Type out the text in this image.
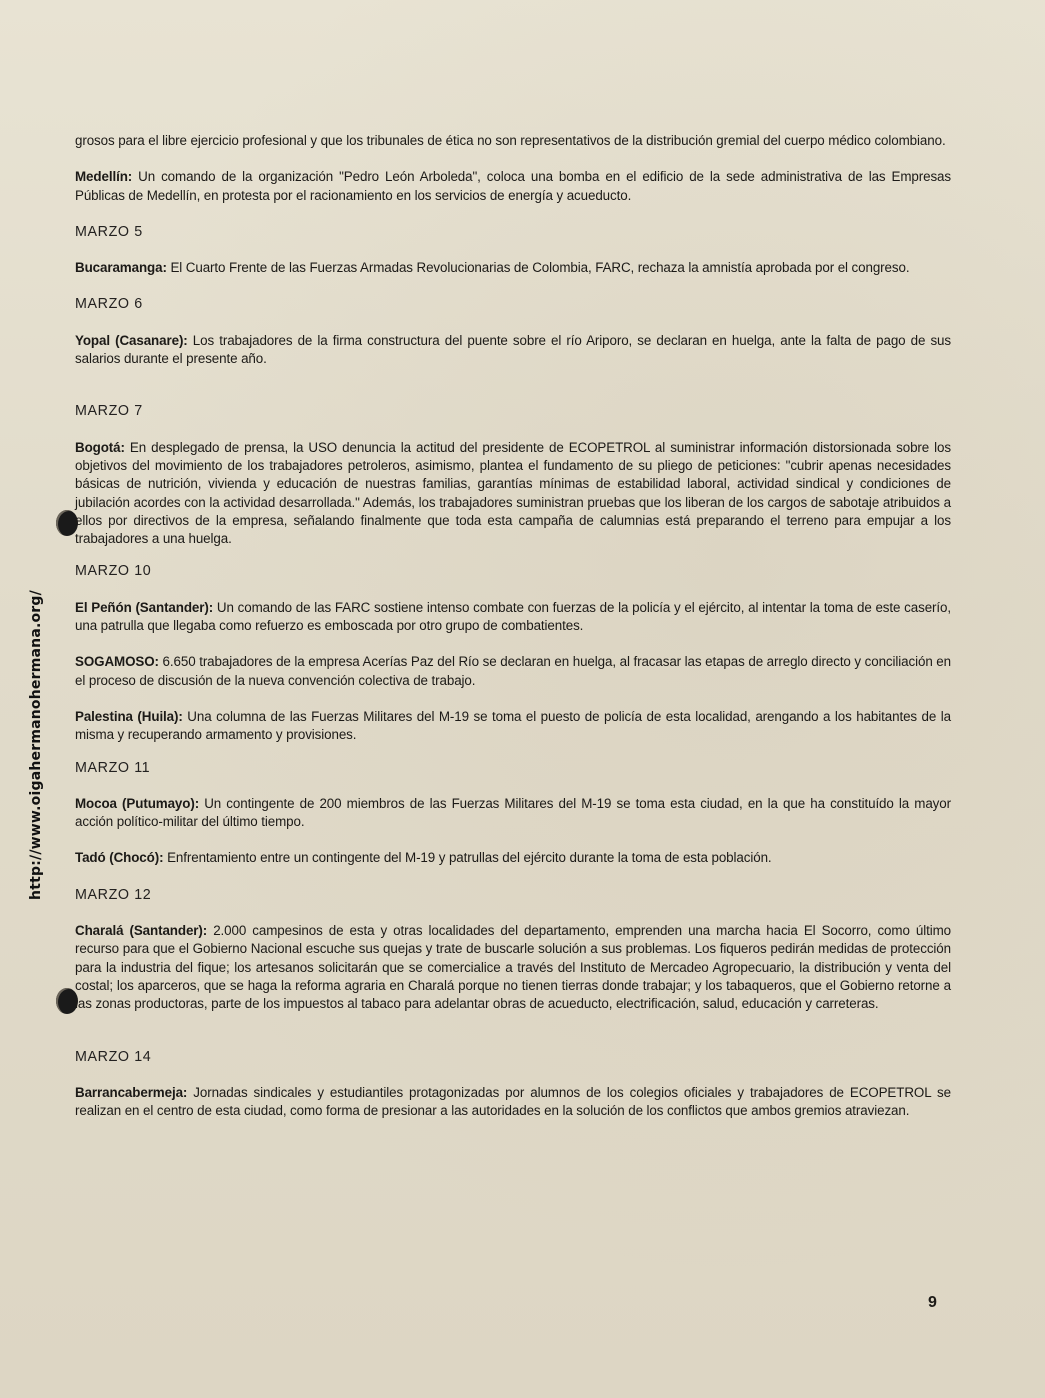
http://www.oigahermanohermana.org/

grosos para el libre ejercicio profesional y que los tribunales de ética no son representativos de la distribución gremial del cuerpo médico colombiano.

Medellín: Un comando de la organización "Pedro León Arboleda", coloca una bomba en el edificio de la sede administrativa de las Empresas Públicas de Medellín, en protesta por el racionamiento en los servicios de energía y acueducto.

MARZO 5

Bucaramanga: El Cuarto Frente de las Fuerzas Armadas Revolucionarias de Colombia, FARC, rechaza la amnistía aprobada por el congreso.

MARZO 6

Yopal (Casanare): Los trabajadores de la firma constructura del puente sobre el río Ariporo, se declaran en huelga, ante la falta de pago de sus salarios durante el presente año.

MARZO 7

Bogotá: En desplegado de prensa, la USO denuncia la actitud del presidente de ECOPETROL al suministrar información distorsionada sobre los objetivos del movimiento de los trabajadores petroleros, asimismo, plantea el fundamento de su pliego de peticiones: "cubrir apenas necesidades básicas de nutrición, vivienda y educación de nuestras familias, garantías mínimas de estabilidad laboral, actividad sindical y condiciones de jubilación acordes con la actividad desarrollada." Además, los trabajadores suministran pruebas que los liberan de los cargos de sabotaje atribuidos a ellos por directivos de la empresa, señalando finalmente que toda esta campaña de calumnias está preparando el terreno para empujar a los trabajadores a una huelga.

MARZO 10

El Peñón (Santander): Un comando de las FARC sostiene intenso combate con fuerzas de la policía y el ejército, al intentar la toma de este caserío, una patrulla que llegaba como refuerzo es emboscada por otro grupo de combatientes.

SOGAMOSO: 6.650 trabajadores de la empresa Acerías Paz del Río se declaran en huelga, al fracasar las etapas de arreglo directo y conciliación en el proceso de discusión de la nueva convención colectiva de trabajo.

Palestina (Huila): Una columna de las Fuerzas Militares del M-19 se toma el puesto de policía de esta localidad, arengando a los habitantes de la misma y recuperando armamento y provisiones.

MARZO 11

Mocoa (Putumayo): Un contingente de 200 miembros de las Fuerzas Militares del M-19 se toma esta ciudad, en la que ha constituído la mayor acción político-militar del último tiempo.

Tadó (Chocó): Enfrentamiento entre un contingente del M-19 y patrullas del ejército durante la toma de esta población.

MARZO 12

Charalá (Santander): 2.000 campesinos de esta y otras localidades del departamento, emprenden una marcha hacia El Socorro, como último recurso para que el Gobierno Nacional escuche sus quejas y trate de buscarle solución a sus problemas. Los fiqueros pedirán medidas de protección para la industria del fique; los artesanos solicitarán que se comercialice a través del Instituto de Mercadeo Agropecuario, la distribución y venta del costal; los aparceros, que se haga la reforma agraria en Charalá porque no tienen tierras donde trabajar; y los tabaqueros, que el Gobierno retorne a las zonas productoras, parte de los impuestos al tabaco para adelantar obras de acueducto, electrificación, salud, educación y carreteras.

MARZO 14

Barrancabermeja: Jornadas sindicales y estudiantiles protagonizadas por alumnos de los colegios oficiales y trabajadores de ECOPETROL se realizan en el centro de esta ciudad, como forma de presionar a las autoridades en la solución de los conflictos que ambos gremios atraviezan.

9
